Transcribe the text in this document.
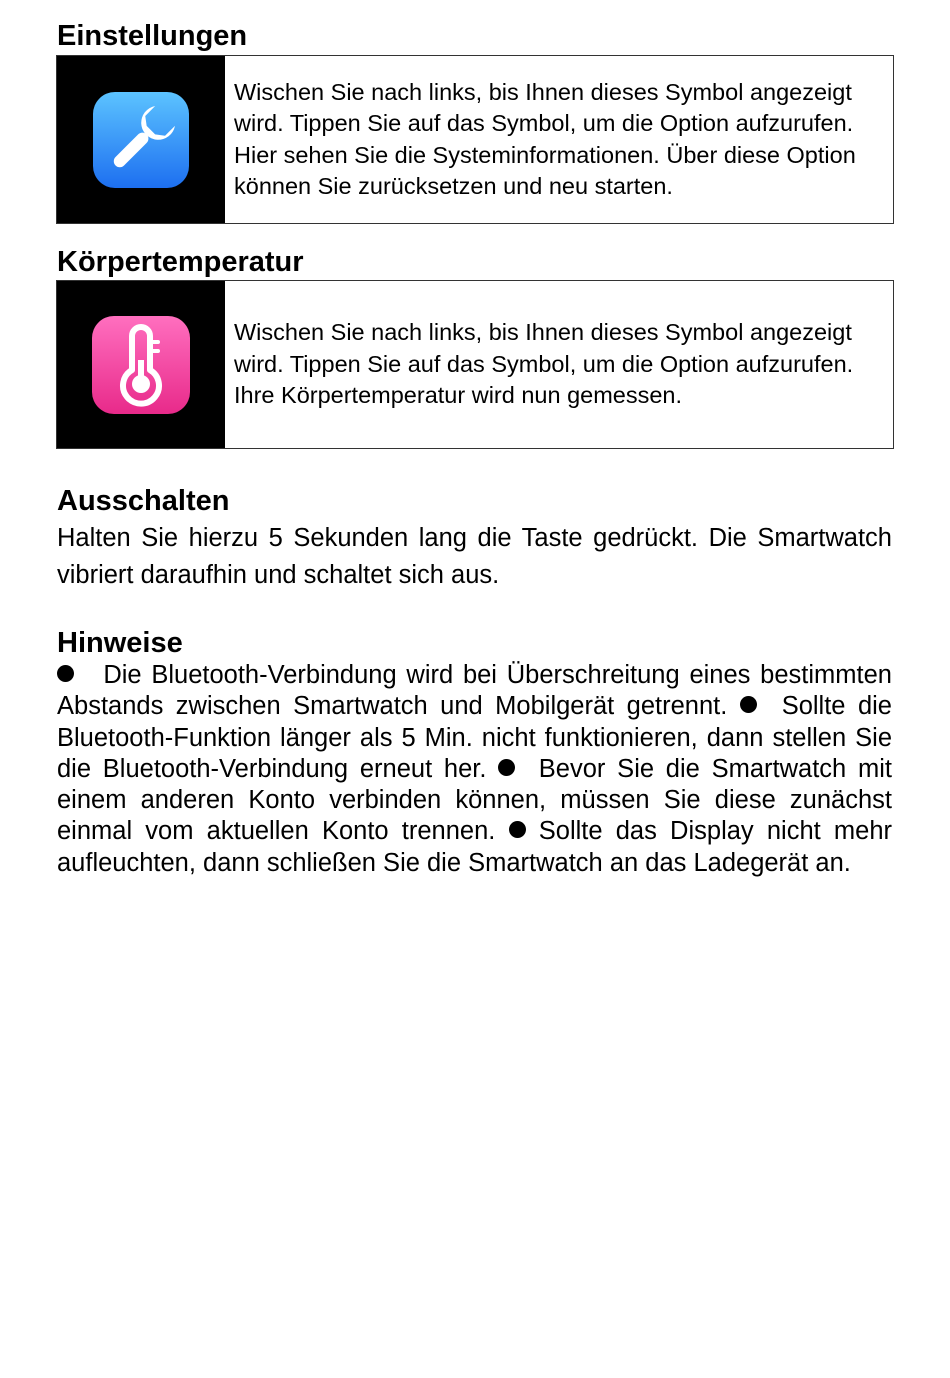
Einstellungen

Wischen Sie nach links, bis Ihnen dieses Symbol angezeigt wird. Tippen Sie auf das Symbol, um die Option aufzurufen. Hier sehen Sie die Systeminformationen. Über diese Option können Sie zurücksetzen und neu starten.

Körpertemperatur

Wischen Sie nach links, bis Ihnen dieses Symbol angezeigt wird. Tippen Sie auf das Symbol, um die Option aufzurufen. Ihre Körpertemperatur wird nun gemessen.

Ausschalten

Halten Sie hierzu 5 Sekunden lang die Taste gedrückt. Die Smartwatch vibriert daraufhin und schaltet sich aus.

Hinweise

Die Bluetooth-Verbindung wird bei Überschreitung eines bestimmten Abstands zwischen Smartwatch und Mobilgerät getrennt. Sollte die Bluetooth-Funktion länger als 5 Min. nicht funktionieren, dann stellen Sie die Bluetooth-Verbindung erneut her. Bevor Sie die Smartwatch mit einem anderen Konto verbinden können, müssen Sie diese zunächst einmal vom aktuellen Konto trennen. Sollte das Display nicht mehr aufleuchten, dann schließen Sie die Smartwatch an das Ladegerät an.
